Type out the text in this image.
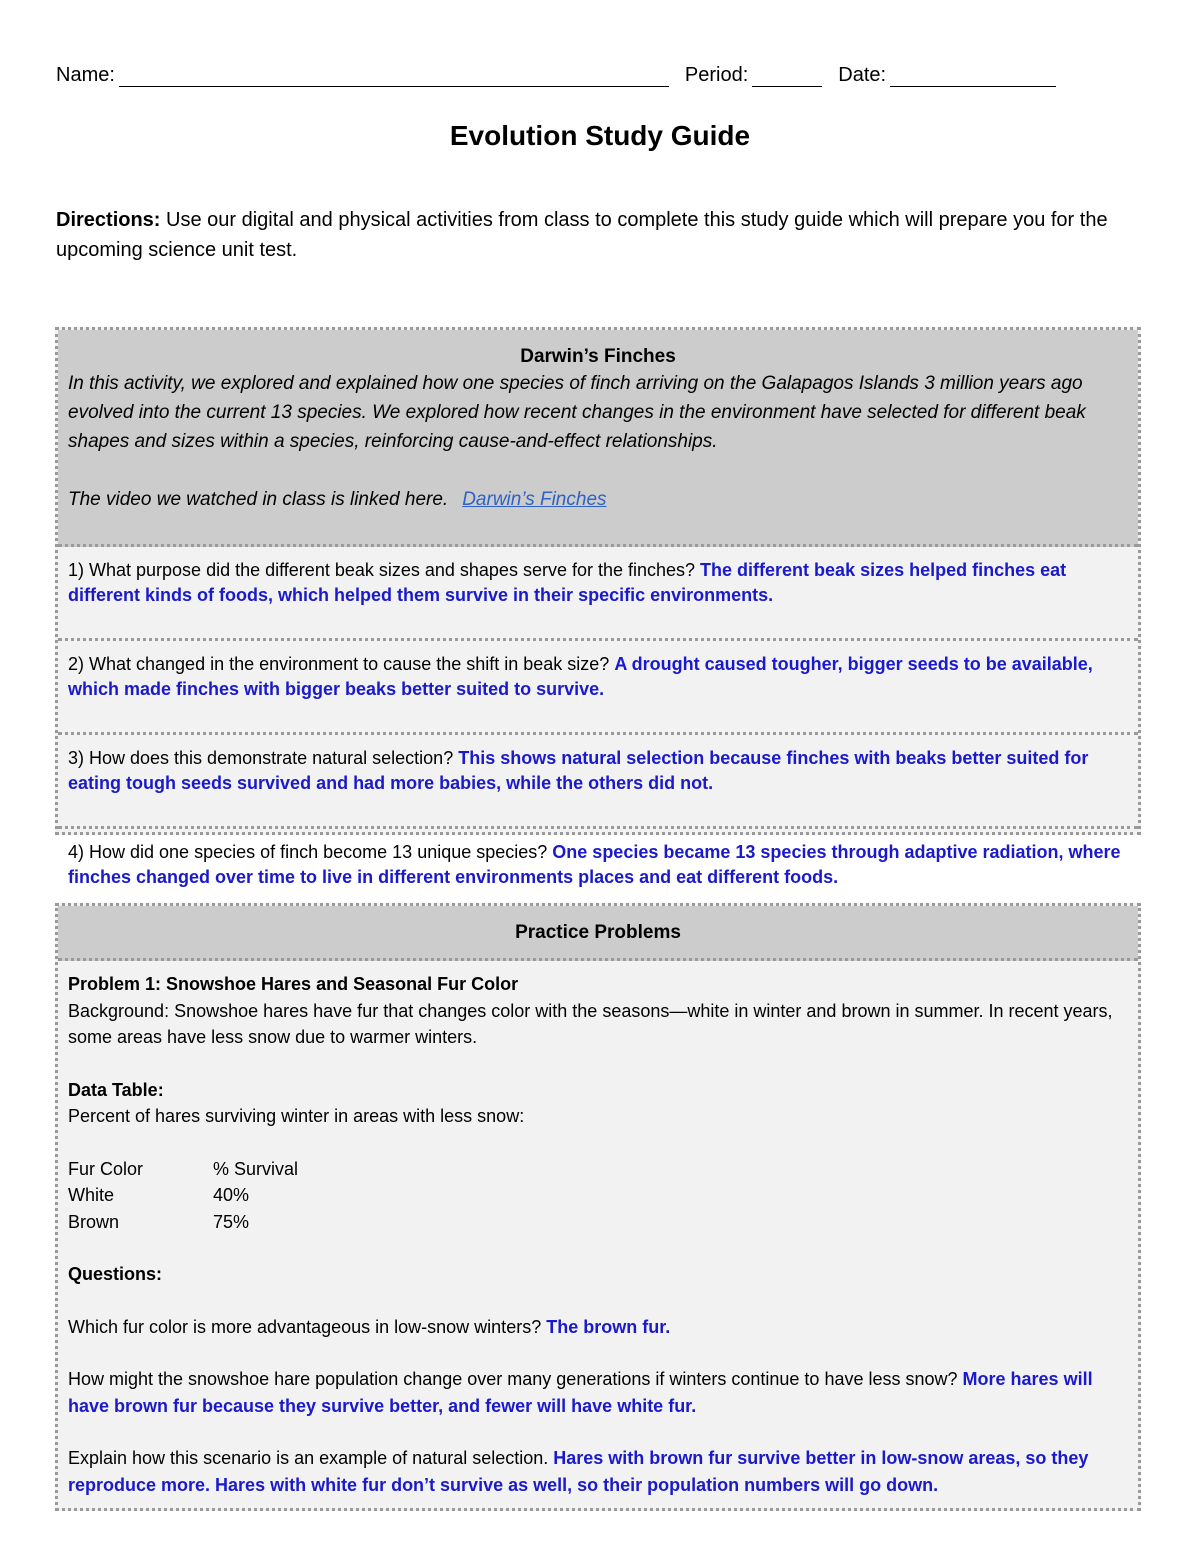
Name:	Period:	Date:
Evolution Study Guide
Directions: Use our digital and physical activities from class to complete this study guide which will prepare you for the upcoming science unit test.
Darwin’s Finches
In this activity, we explored and explained how one species of finch arriving on the Galapagos Islands 3 million years ago evolved into the current 13 species. We explored how recent changes in the environment have selected for different beak shapes and sizes within a species, reinforcing cause-and-effect relationships.
The video we watched in class is linked here. Darwin’s Finches
1) What purpose did the different beak sizes and shapes serve for the finches? The different beak sizes helped finches eat different kinds of foods, which helped them survive in their specific environments.
2) What changed in the environment to cause the shift in beak size? A drought caused tougher, bigger seeds to be available, which made finches with bigger beaks better suited to survive.
3) How does this demonstrate natural selection? This shows natural selection because finches with beaks better suited for eating tough seeds survived and had more babies, while the others did not.
4) How did one species of finch become 13 unique species? One species became 13 species through adaptive radiation, where finches changed over time to live in different environments places and eat different foods.
Practice Problems
Problem 1: Snowshoe Hares and Seasonal Fur Color
Background: Snowshoe hares have fur that changes color with the seasons—white in winter and brown in summer. In recent years, some areas have less snow due to warmer winters.
Data Table:
Percent of hares surviving winter in areas with less snow:
Fur Color	% Survival
White	40%
Brown	75%
Questions:
Which fur color is more advantageous in low-snow winters? The brown fur.
How might the snowshoe hare population change over many generations if winters continue to have less snow? More hares will have brown fur because they survive better, and fewer will have white fur.
Explain how this scenario is an example of natural selection. Hares with brown fur survive better in low-snow areas, so they reproduce more. Hares with white fur don’t survive as well, so their population numbers will go down.
